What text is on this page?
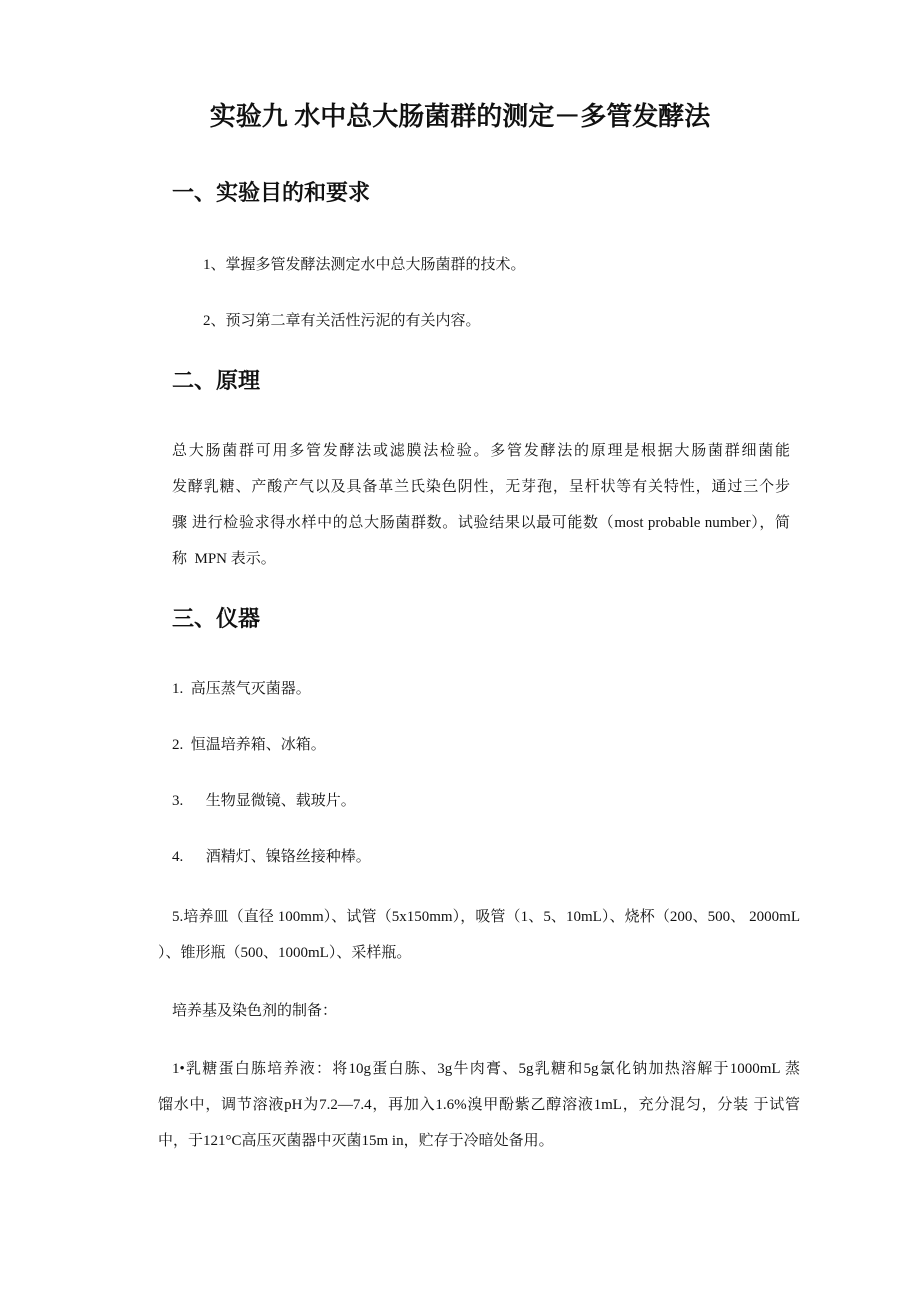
实验九 水中总大肠菌群的测定－多管发酵法
一、实验目的和要求
1、掌握多管发酵法测定水中总大肠菌群的技术。
2、预习第二章有关活性污泥的有关内容。
二、原理
总大肠菌群可用多管发酵法或滤膜法检验。多管发酵法的原理是根据大肠菌群细菌能
发酵乳糖、产酸产气以及具备革兰氏染色阴性，无芽孢，呈杆状等有关特性，通过三个步
骤 进行检验求得水样中的总大肠菌群数。试验结果以最可能数（most probable number），简
称  MPN 表示。
三、仪器
1.  高压蒸气灭菌器。
2.  恒温培养箱、冰箱。
3.      生物显微镜、载玻片。
4.      酒精灯、镍铬丝接种棒。
5.培养皿（直径 100mm）、试管（5x150mm），吸管（1、5、10mL）、烧杯（200、500、 2000mL
）、锥形瓶（500、1000mL）、采样瓶。
培养基及染色剂的制备：
1•乳糖蛋白胨培养液：将10g蛋白胨、3g牛肉膏、5g乳糖和5g氯化钠加热溶解于1000mL 蒸
馏水中，调节溶液pH为7.2—7.4，再加入1.6%溴甲酚紫乙醇溶液1mL，充分混匀，分装 于试管
中，于121°C高压灭菌器中灭菌15m in，贮存于冷暗处备用。
